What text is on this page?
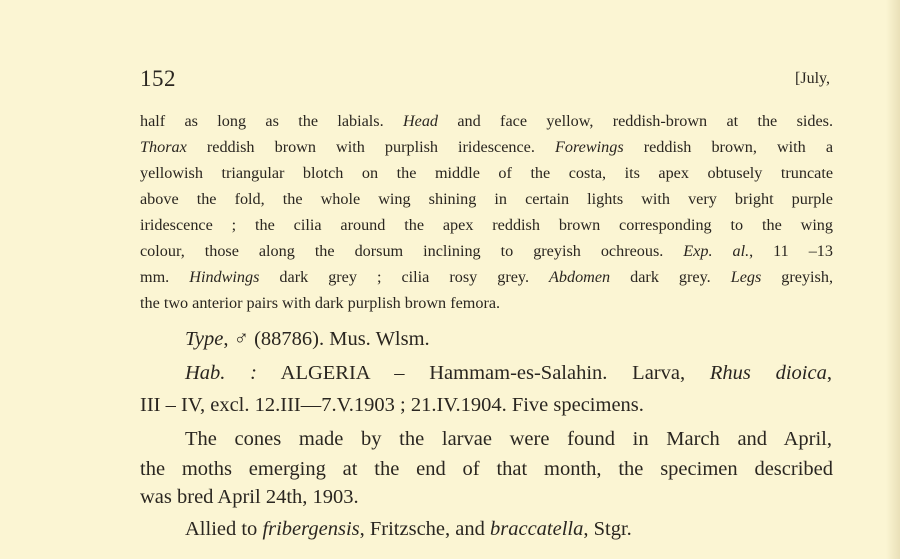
152	[July,
half as long as the labials. Head and face yellow, reddish-brown at the sides.
Thorax reddish brown with purplish iridescence. Forewings reddish brown, with a
yellowish triangular blotch on the middle of the costa, its apex obtusely truncate
above the fold, the whole wing shining in certain lights with very bright purple
iridescence ; the cilia around the apex reddish brown corresponding to the wing
colour, those along the dorsum inclining to greyish ochreous. Exp. al., 11 –13
mm. Hindwings dark grey ; cilia rosy grey. Abdomen dark grey. Legs greyish,
the two anterior pairs with dark purplish brown femora.
Type, ♂ (88786). Mus. Wlsm.
Hab. : ALGERIA – Hammam-es-Salahin. Larva, Rhus dioica,
III – IV, excl. 12.III—7.V.1903 ; 21.IV.1904. Five specimens.
The cones made by the larvae were found in March and April,
the moths emerging at the end of that month, the specimen described
was bred April 24th, 1903.
Allied to fribergensis, Fritzsche, and braccatella, Stgr.
